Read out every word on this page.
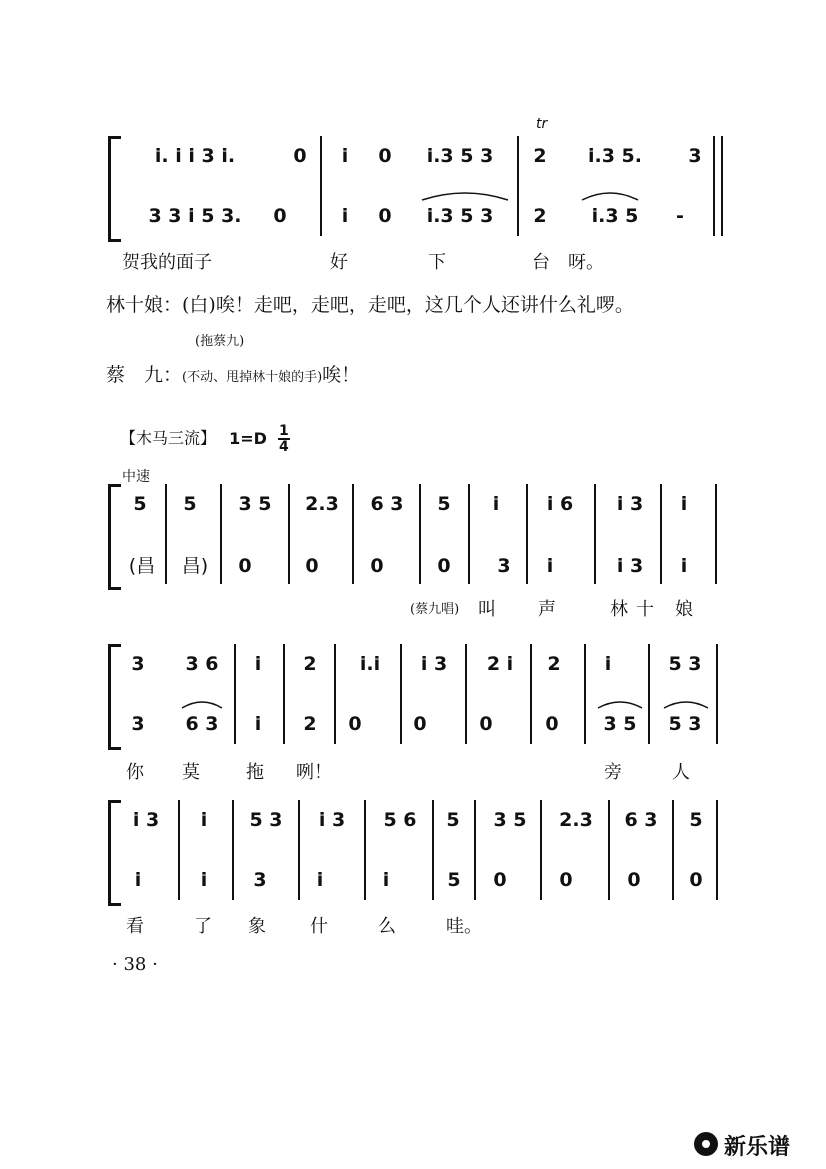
tr
i. i i 3 i.	0	i	0	i.3 5 3	2	i.3 5.	3
3 3 i 5 3.	0	i	0	i.3 5 3	2	i.3 5	-
贺我的面子	好	下	台 呀。
林十娘：(白)唉！走吧，走吧，走吧，这几个人还讲什么礼啰。
(拖蔡九)
蔡　九：(不动、甩掉林十娘的手)唉！
【木马三流】 $1=D \frac{1}{4}$
中速
5	5	3 5	2.3	6 3	5	i	i 6	i 3	i
(昌	昌)	0	0	0	0	3	i	i 3	i
(蔡九唱) 叫 声	林十 娘
3	3 6	i	2	i.i	i 3	2 i	2	i	5 3
3	6 3	i	2	0	0	0	0	3 5	5 3
你 莫	拖 咧！	旁	人
i 3	i	5 3	i 3	5 6	5	3 5	2.3	6 3	5
i	i	3	i	i	5	0	0	0	0
看	了 象 什	么	哇。
· 38 ·
新乐谱
